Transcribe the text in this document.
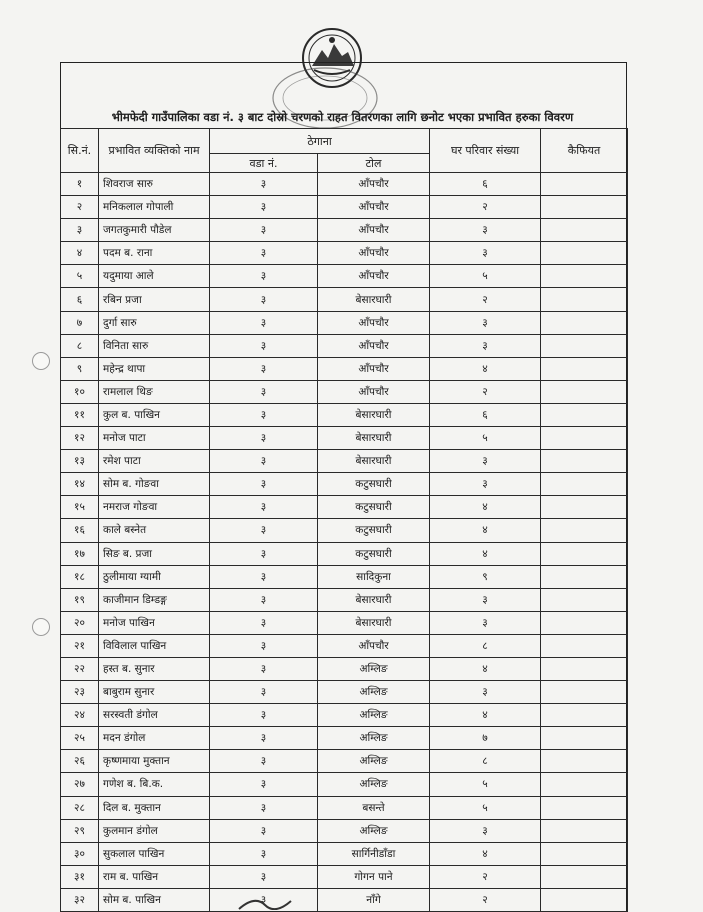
भीमफेदी गाउँपालिका वडा नं. ३ बाट दोस्रो चरणको राहत वितरणका लागि छनोट भएका प्रभावित हरुका विवरण
सि.नं.	प्रभावित व्यक्तिको नाम	ठेगाना		घर परिवार संख्या	कैफियत
		वडा नं.	टोल		
१	शिवराज सारु	३	आँपचौर	६	
२	मनिकलाल गोपाली	३	आँपचौर	२	
३	जगतकुमारी पौडेल	३	आँपचौर	३	
४	पदम ब. राना	३	आँपचौर	३	
५	यदुमाया आले	३	आँपचौर	५	
६	रबिन प्रजा	३	बेसारघारी	२	
७	दुर्गा सारु	३	आँपचौर	३	
८	विनिता सारु	३	आँपचौर	३	
९	महेन्द्र थापा	३	आँपचौर	४	
१०	रामलाल थिङ	३	आँपचौर	२	
११	कुल ब. पाखिन	३	बेसारघारी	६	
१२	मनोज पाटा	३	बेसारघारी	५	
१३	रमेश पाटा	३	बेसारघारी	३	
१४	सोम ब. गोङवा	३	कटुसघारी	३	
१५	नमराज गोङवा	३	कटुसघारी	४	
१६	काले बस्नेत	३	कटुसघारी	४	
१७	सिङ ब. प्रजा	३	कटुसघारी	४	
१८	ठुलीमाया ग्यामी	३	सादिकुना	९	
१९	काजीमान डिम्डङ्ग	३	बेसारघारी	३	
२०	मनोज पाखिन	३	बेसारघारी	३	
२१	विविलाल पाखिन	३	आँपचौर	८	
२२	हस्त ब. सुनार	३	अम्लिङ	४	
२३	बाबुराम सुनार	३	अम्लिङ	३	
२४	सरस्वती डंगोल	३	अम्लिङ	४	
२५	मदन डंगोल	३	अम्लिङ	७	
२६	कृष्णमाया मुक्तान	३	अम्लिङ	८	
२७	गणेश ब. बि.क.	३	अम्लिङ	५	
२८	दिल ब. मुक्तान	३	बसन्ते	५	
२९	कुलमान डंगोल	३	अम्लिङ	३	
३०	सुकलाल पाखिन	३	सार्गिनीडाँडा	४	
३१	राम ब. पाखिन	३	गोगन पाने	२	
३२	सोम ब. पाखिन	३	नाँगे	२	
